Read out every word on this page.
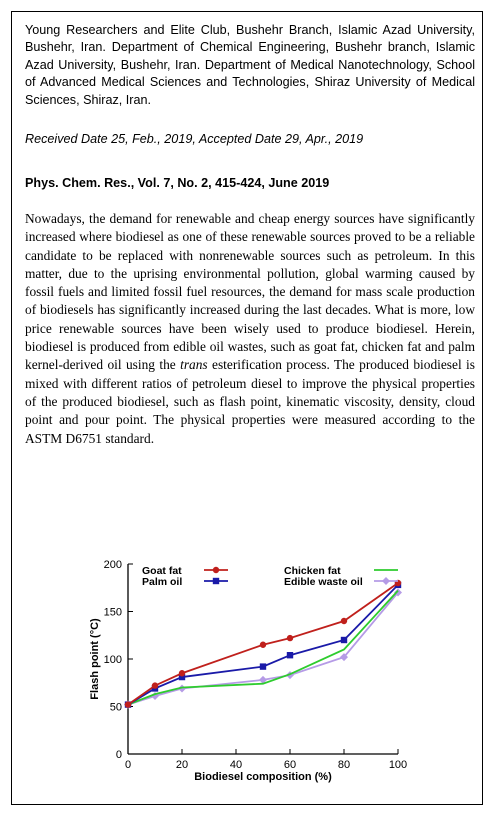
Young Researchers and Elite Club, Bushehr Branch, Islamic Azad University, Bushehr, Iran. Department of Chemical Engineering, Bushehr branch, Islamic Azad University, Bushehr, Iran. Department of Medical Nanotechnology, School of Advanced Medical Sciences and Technologies, Shiraz University of Medical Sciences, Shiraz, Iran.

Received Date 25, Feb., 2019, Accepted Date 29, Apr., 2019

Phys. Chem. Res., Vol. 7, No. 2, 415-424, June 2019

Nowadays, the demand for renewable and cheap energy sources have significantly increased where biodiesel as one of these renewable sources proved to be a reliable candidate to be replaced with nonrenewable sources such as petroleum. In this matter, due to the uprising environmental pollution, global warming caused by fossil fuels and limited fossil fuel resources, the demand for mass scale production of biodiesels has significantly increased during the last decades. What is more, low price renewable sources have been wisely used to produce biodiesel. Herein, biodiesel is produced from edible oil wastes, such as goat fat, chicken fat and palm kernel-derived oil using the trans esterification process. The produced biodiesel is mixed with different ratios of petroleum diesel to improve the physical properties of the produced biodiesel, such as flash point, kinematic viscosity, density, cloud point and pour point. The physical properties were measured according to the ASTM D6751 standard.

0
50
100
150
200
0	20	40	60	80	100
Biodiesel composition (%)
Flash point (°C)
Goat fat
Palm oil
Chicken fat
Edible waste oil
